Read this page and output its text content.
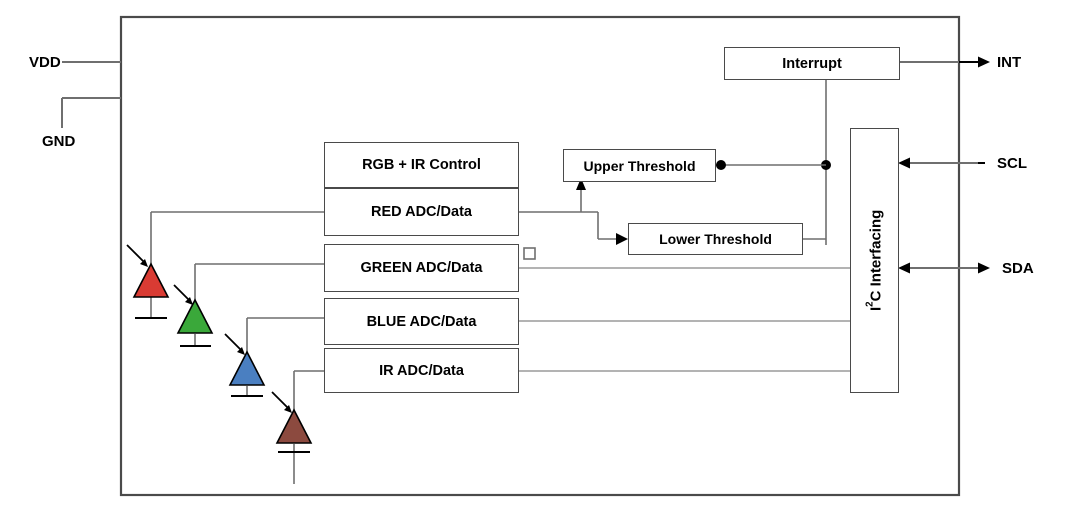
VDD
GND
INT
SCL
SDA
RGB + IR Control
RED ADC/Data
GREEN ADC/Data
BLUE ADC/Data
IR ADC/Data
Interrupt
Upper Threshold
Lower Threshold
$I^2C$ Interfacing
